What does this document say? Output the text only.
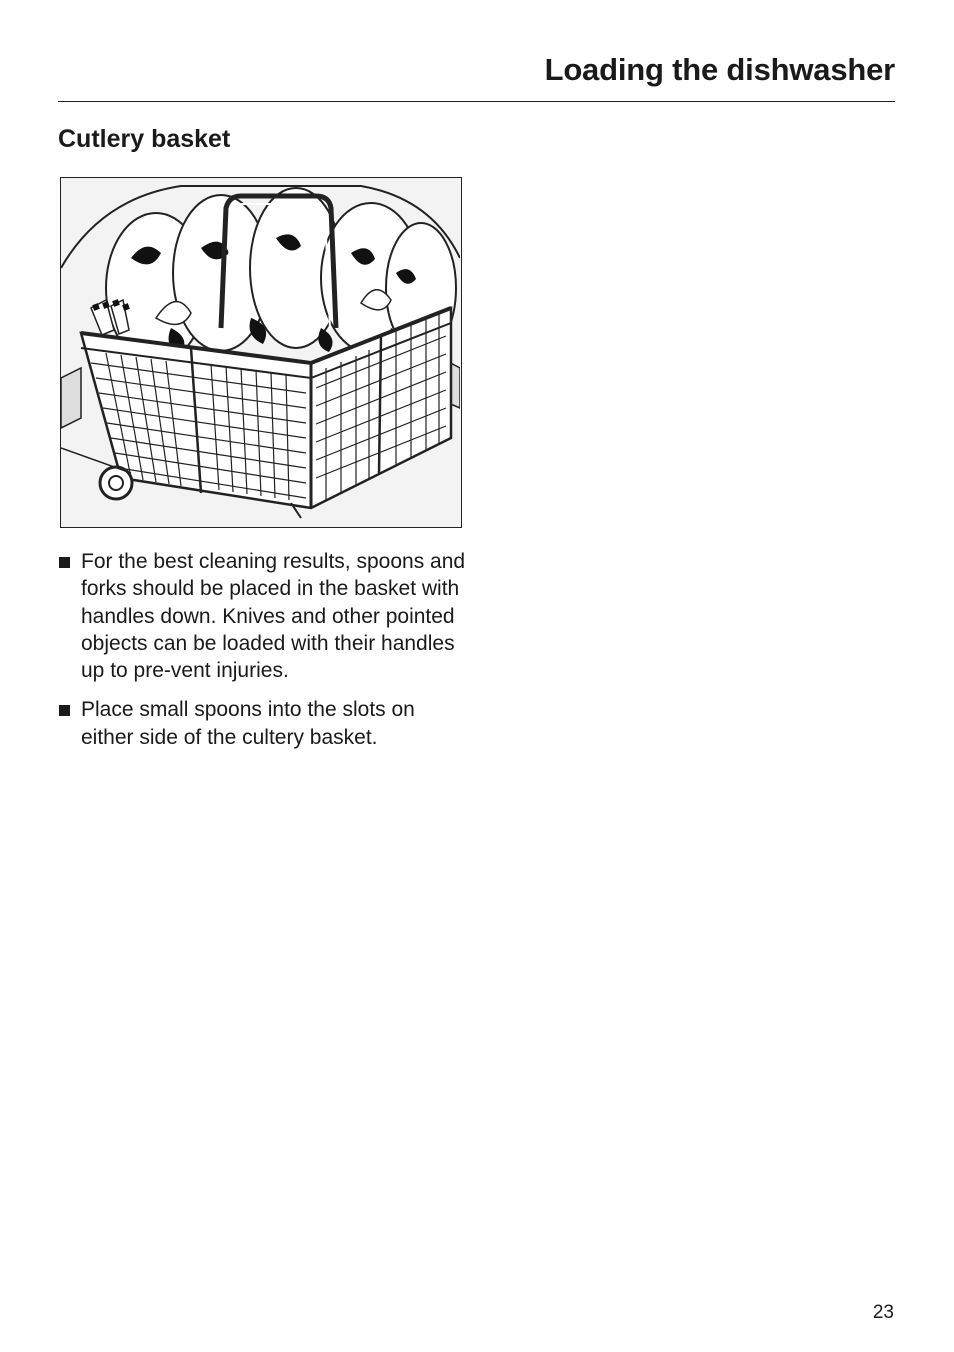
Loading the dishwasher
Cutlery basket
For the best cleaning results, spoons and forks should be placed in the basket with handles down. Knives and other pointed objects can be loaded with their handles up to pre-vent injuries.
Place small spoons into the slots on either side of the cultery basket.
23
